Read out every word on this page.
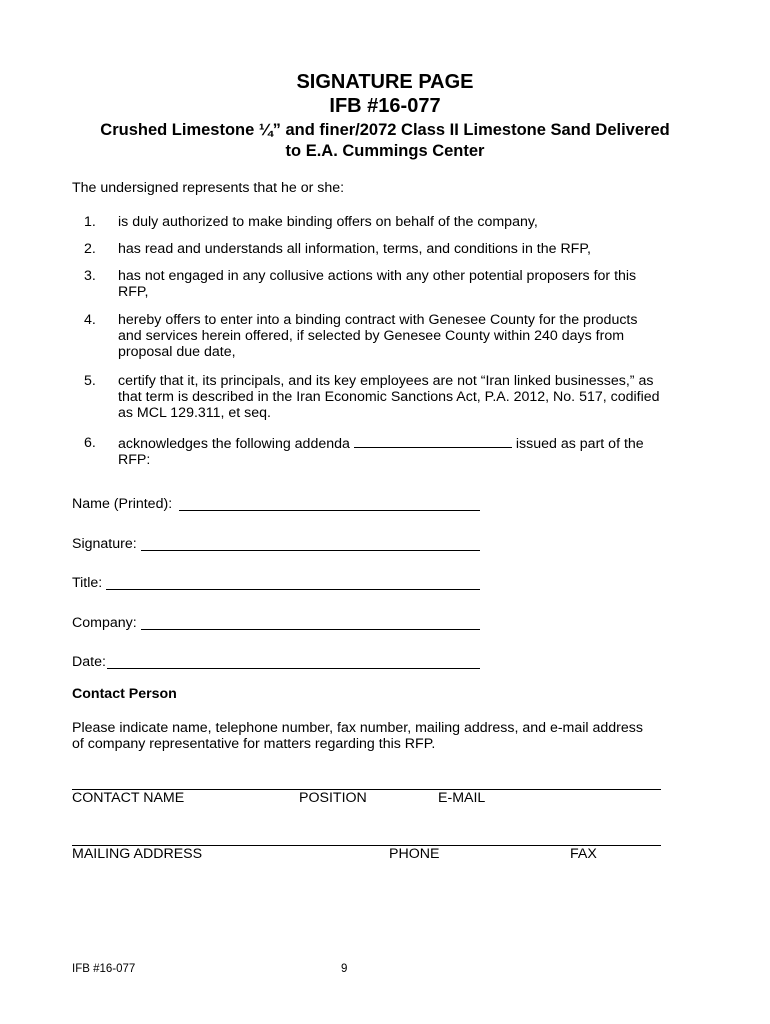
SIGNATURE PAGE
IFB #16-077
Crushed Limestone ¼” and finer/2072 Class II Limestone Sand Delivered
to E.A. Cummings Center
The undersigned represents that he or she:
1. is duly authorized to make binding offers on behalf of the company,
2. has read and understands all information, terms, and conditions in the RFP,
3. has not engaged in any collusive actions with any other potential proposers for this
RFP,
4. hereby offers to enter into a binding contract with Genesee County for the products
and services herein offered, if selected by Genesee County within 240 days from
proposal due date,
5. certify that it, its principals, and its key employees are not “Iran linked businesses,” as
that term is described in the Iran Economic Sanctions Act, P.A. 2012, No. 517, codified
as MCL 129.311, et seq.
6. acknowledges the following addenda	issued as part of the
RFP:
Name (Printed):
Signature:
Title:
Company:
Date:
Contact Person
Please indicate name, telephone number, fax number, mailing address, and e-mail address
of company representative for matters regarding this RFP.
CONTACT NAME	POSITION	E-MAIL
MAILING ADDRESS	PHONE	FAX
IFB #16-077	9
